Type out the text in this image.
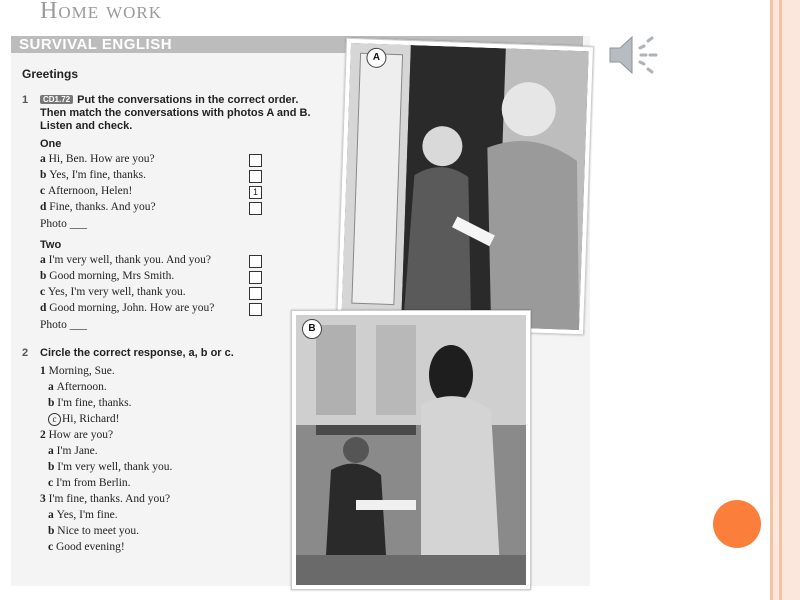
Home work
SURVIVAL ENGLISH
Greetings
1	CD1.72 Put the conversations in the correct order.
Then match the conversations with photos A and B.
Listen and check.
One
a Hi, Ben. How are you?
b Yes, I'm fine, thanks.
c Afternoon, Helen!	1
d Fine, thanks. And you?
Photo ___
Two
a I'm very well, thank you. And you?
b Good morning, Mrs Smith.
c Yes, I'm very well, thank you.
d Good morning, John. How are you?
Photo ___
2 Circle the correct response, a, b or c.
1 Morning, Sue.
a Afternoon.
b I'm fine, thanks.
c Hi, Richard!
2 How are you?
a I'm Jane.
b I'm very well, thank you.
c I'm from Berlin.
3 I'm fine, thanks. And you?
a Yes, I'm fine.
b Nice to meet you.
c Good evening!
A
B
